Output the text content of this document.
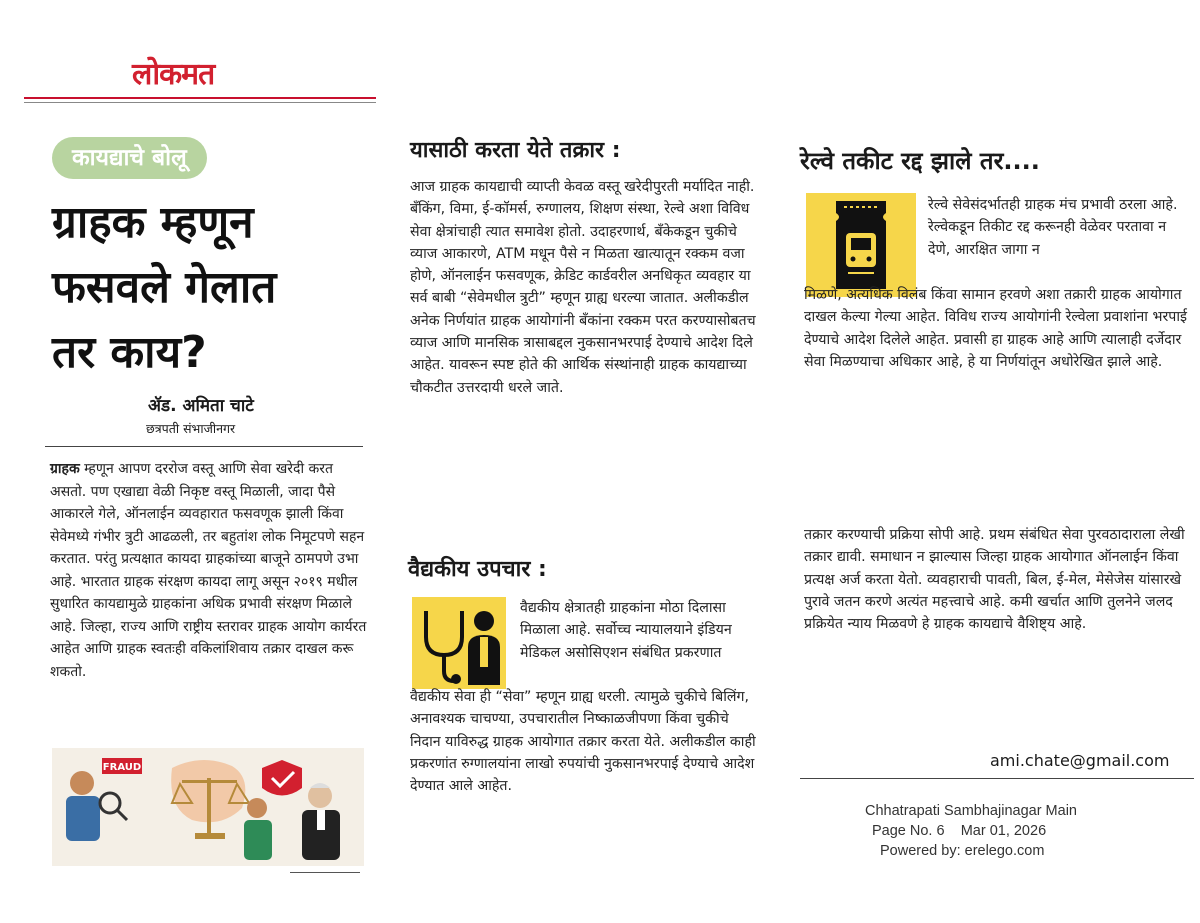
लोकमत
कायद्याचे बोलू
ग्राहक म्हणून
फसवले गेलात
तर काय?
ॲड. अमिता चाटे
छत्रपती संभाजीनगर
ग्राहक म्हणून आपण दररोज वस्तू आणि सेवा खरेदी करत असतो. पण एखाद्या वेळी निकृष्ट वस्तू मिळाली, जादा पैसे आकारले गेले, ऑनलाईन व्यवहारात फसवणूक झाली किंवा सेवेमध्ये गंभीर त्रुटी आढळली, तर बहुतांश लोक निमूटपणे सहन करतात. परंतु प्रत्यक्षात कायदा ग्राहकांच्या बाजूने ठामपणे उभा आहे. भारतात ग्राहक संरक्षण कायदा लागू असून २०१९ मधील सुधारित कायद्यामुळे ग्राहकांना अधिक प्रभावी संरक्षण मिळाले आहे. जिल्हा, राज्य आणि राष्ट्रीय स्तरावर ग्राहक आयोग कार्यरत आहेत आणि ग्राहक स्वतःही वकिलांशिवाय तक्रार दाखल करू शकतो.
FRAUD
यासाठी करता येते तक्रार :
आज ग्राहक कायद्याची व्याप्ती केवळ वस्तू खरेदीपुरती मर्यादित नाही. बँकिंग, विमा, ई-कॉमर्स, रुग्णालय, शिक्षण संस्था, रेल्वे अशा विविध सेवा क्षेत्रांचाही त्यात समावेश होतो. उदाहरणार्थ, बँकेकडून चुकीचे व्याज आकारणे, ATM मधून पैसे न मिळता खात्यातून रक्कम वजा होणे, ऑनलाईन फसवणूक, क्रेडिट कार्डवरील अनधिकृत व्यवहार या सर्व बाबी “सेवेमधील त्रुटी” म्हणून ग्राह्य धरल्या जातात. अलीकडील अनेक निर्णयांत ग्राहक आयोगांनी बँकांना रक्कम परत करण्यासोबतच व्याज आणि मानसिक त्रासाबद्दल नुकसानभरपाई देण्याचे आदेश दिले आहेत. यावरून स्पष्ट होते की आर्थिक संस्थांनाही ग्राहक कायद्याच्या चौकटीत उत्तरदायी धरले जाते.
वैद्यकीय उपचार :
वैद्यकीय क्षेत्रातही ग्राहकांना मोठा दिलासा मिळाला आहे. सर्वोच्च न्यायालयाने इंडियन मेडिकल असोसिएशन संबंधित प्रकरणात
वैद्यकीय सेवा ही “सेवा” म्हणून ग्राह्य धरली. त्यामुळे चुकीचे बिलिंग, अनावश्यक चाचण्या, उपचारातील निष्काळजीपणा किंवा चुकीचे निदान याविरुद्ध ग्राहक आयोगात तक्रार करता येते. अलीकडील काही प्रकरणांत रुग्णालयांना लाखो रुपयांची नुकसानभरपाई देण्याचे आदेश देण्यात आले आहेत.
रेल्वे तकीट रद्द झाले तर....
रेल्वे सेवेसंदर्भातही ग्राहक मंच प्रभावी ठरला आहे. रेल्वेकडून तिकीट रद्द करूनही वेळेवर परतावा न देणे, आरक्षित जागा न
मिळणे, अत्यधिक विलंब किंवा सामान हरवणे अशा तक्रारी ग्राहक आयोगात दाखल केल्या गेल्या आहेत. विविध राज्य आयोगांनी रेल्वेला प्रवाशांना भरपाई देण्याचे आदेश दिलेले आहेत. प्रवासी हा ग्राहक आहे आणि त्यालाही दर्जेदार सेवा मिळण्याचा अधिकार आहे, हे या निर्णयांतून अधोरेखित झाले आहे.
तक्रार करण्याची प्रक्रिया सोपी आहे. प्रथम संबंधित सेवा पुरवठादाराला लेखी तक्रार द्यावी. समाधान न झाल्यास जिल्हा ग्राहक आयोगात ऑनलाईन किंवा प्रत्यक्ष अर्ज करता येतो. व्यवहाराची पावती, बिल, ई-मेल, मेसेजेस यांसारखे पुरावे जतन करणे अत्यंत महत्त्वाचे आहे. कमी खर्चात आणि तुलनेने जलद प्रक्रियेत न्याय मिळवणे हे ग्राहक कायद्याचे वैशिष्ट्य आहे.
ami.chate@gmail.com
Chhatrapati Sambhajinagar Main
Page No. 6 Mar 01, 2026
Powered by: erelego.com
